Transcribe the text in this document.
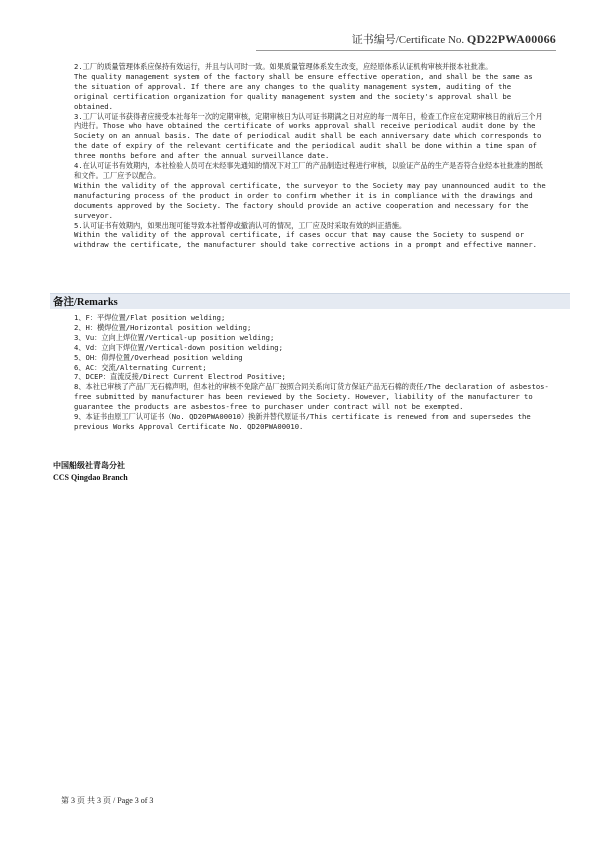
证书编号/Certificate No. QD22PWA00066

2.工厂的质量管理体系应保持有效运行，并且与认可时一致。如果质量管理体系发生改变，应经原体系认证机构审核并报本社批准。

The quality management system of the factory shall be ensure effective operation, and shall be the same as the situation of approval. If there are any changes to the quality management system, auditing of the original certification organization for quality management system and the society's approval shall be obtained.

3.工厂认可证书获得者应接受本社每年一次的定期审核，定期审核日为认可证书期满之日对应的每一周年日，检查工作应在定期审核日的前后三个月内进行。Those who have obtained the certificate of works approval shall receive periodical audit done by the Society on an annual basis. The date of periodical audit shall be each anniversary date which corresponds to the date of expiry of the relevant certificate and the periodical audit shall be done within a time span of three months before and after the annual surveillance date.

4.在认可证书有效期内，本社检验人员可在未经事先通知的情况下对工厂的产品制造过程进行审核，以验证产品的生产是否符合业经本社批准的图纸和文件。工厂应予以配合。

Within the validity of the approval certificate, the surveyor to the Society may pay unannounced audit to the manufacturing process of the product in order to confirm whether it is in compliance with the drawings and documents approved by the Society. The factory should provide an active cooperation and necessary for the surveyor.

5.认可证书有效期内，如果出现可能导致本社暂停或撤消认可的情况，工厂应及时采取有效的纠正措施。

Within the validity of the approval certificate, if cases occur that may cause the Society to suspend or withdraw the certificate, the manufacturer should take corrective actions in a prompt and effective manner.

备注/Remarks

1、F：平焊位置/Flat position welding;

2、H：横焊位置/Horizontal position welding;

3、Vu：立向上焊位置/Vertical-up position welding;

4、Vd：立向下焊位置/Vertical-down position welding;

5、OH：仰焊位置/Overhead position welding

6、AC：交流/Alternating Current;

7、DCEP：直流反接/Direct Current Electrod Positive;

8、本社已审核了产品厂无石棉声明，但本社的审核不免除产品厂按照合同关系向订货方保证产品无石棉的责任/The declaration of asbestos-free submitted by manufacturer has been reviewed by the Society. However, liability of the manufacturer to guarantee the products are asbestos-free to purchaser under contract will not be exempted.

9、本证书由原工厂认可证书（No. QD20PWA00010）换新并替代原证书/This certificate is renewed from and supersedes the previous Works Approval Certificate No. QD20PWA00010.

中国船级社青岛分社
CCS Qingdao Branch
第 3 页 共 3 页 / Page 3 of 3
